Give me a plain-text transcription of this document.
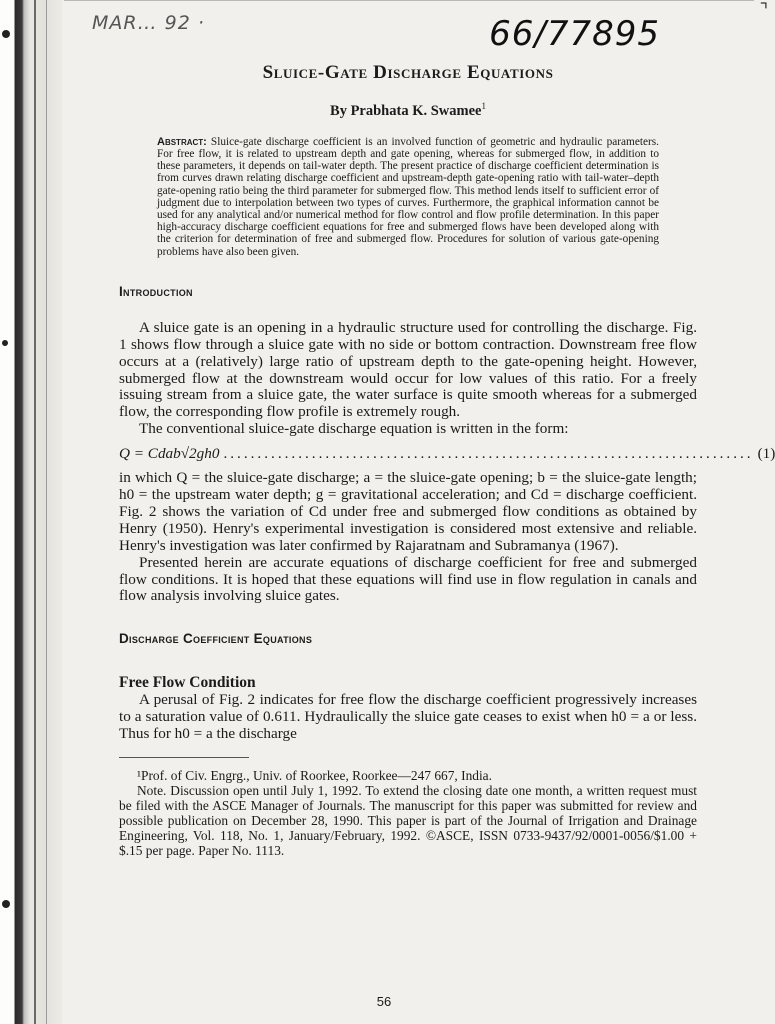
⌝
MAR… 92 ·	66/77895
Sluice-Gate Discharge Equations
By Prabhata K. Swamee$^1$
Abstract: Sluice-gate discharge coefficient is an involved function of geometric and hydraulic parameters. For free flow, it is related to upstream depth and gate opening, whereas for submerged flow, in addition to these parameters, it depends on tail-water depth. The present practice of discharge coefficient determination is from curves drawn relating discharge coefficient and upstream-depth gate-opening ratio with tail-water–depth gate-opening ratio being the third parameter for submerged flow. This method lends itself to sufficient error of judgment due to interpolation between two types of curves. Furthermore, the graphical information cannot be used for any analytical and/or numerical method for flow control and flow profile determination. In this paper high-accuracy discharge coefficient equations for free and submerged flows have been developed along with the criterion for determination of free and submerged flow. Procedures for solution of various gate-opening problems have also been given.
Introduction

A sluice gate is an opening in a hydraulic structure used for controlling the discharge. Fig. 1 shows flow through a sluice gate with no side or bottom contraction. Downstream free flow occurs at a (relatively) large ratio of upstream depth to the gate-opening height. However, submerged flow at the downstream would occur for low values of this ratio. For a freely issuing stream from a sluice gate, the water surface is quite smooth whereas for a submerged flow, the corresponding flow profile is extremely rough.

The conventional sluice-gate discharge equation is written in the form:

Q = Cdab√2gh0 .............................................................................. (1)

in which Q = the sluice-gate discharge; a = the sluice-gate opening; b = the sluice-gate length; h0 = the upstream water depth; g = gravitational acceleration; and Cd = discharge coefficient. Fig. 2 shows the variation of Cd under free and submerged flow conditions as obtained by Henry (1950). Henry's experimental investigation is considered most extensive and reliable. Henry's investigation was later confirmed by Rajaratnam and Subramanya (1967).

Presented herein are accurate equations of discharge coefficient for free and submerged flow conditions. It is hoped that these equations will find use in flow regulation in canals and flow analysis involving sluice gates.

Discharge Coefficient Equations
Free Flow Condition

A perusal of Fig. 2 indicates for free flow the discharge coefficient progressively increases to a saturation value of 0.611. Hydraulically the sluice gate ceases to exist when h0 = a or less. Thus for h0 = a the discharge

¹Prof. of Civ. Engrg., Univ. of Roorkee, Roorkee—247 667, India.

Note. Discussion open until July 1, 1992. To extend the closing date one month, a written request must be filed with the ASCE Manager of Journals. The manuscript for this paper was submitted for review and possible publication on December 28, 1990. This paper is part of the Journal of Irrigation and Drainage Engineering, Vol. 118, No. 1, January/February, 1992. ©ASCE, ISSN 0733-9437/92/0001-0056/$1.00 + $.15 per page. Paper No. 1113.

56
